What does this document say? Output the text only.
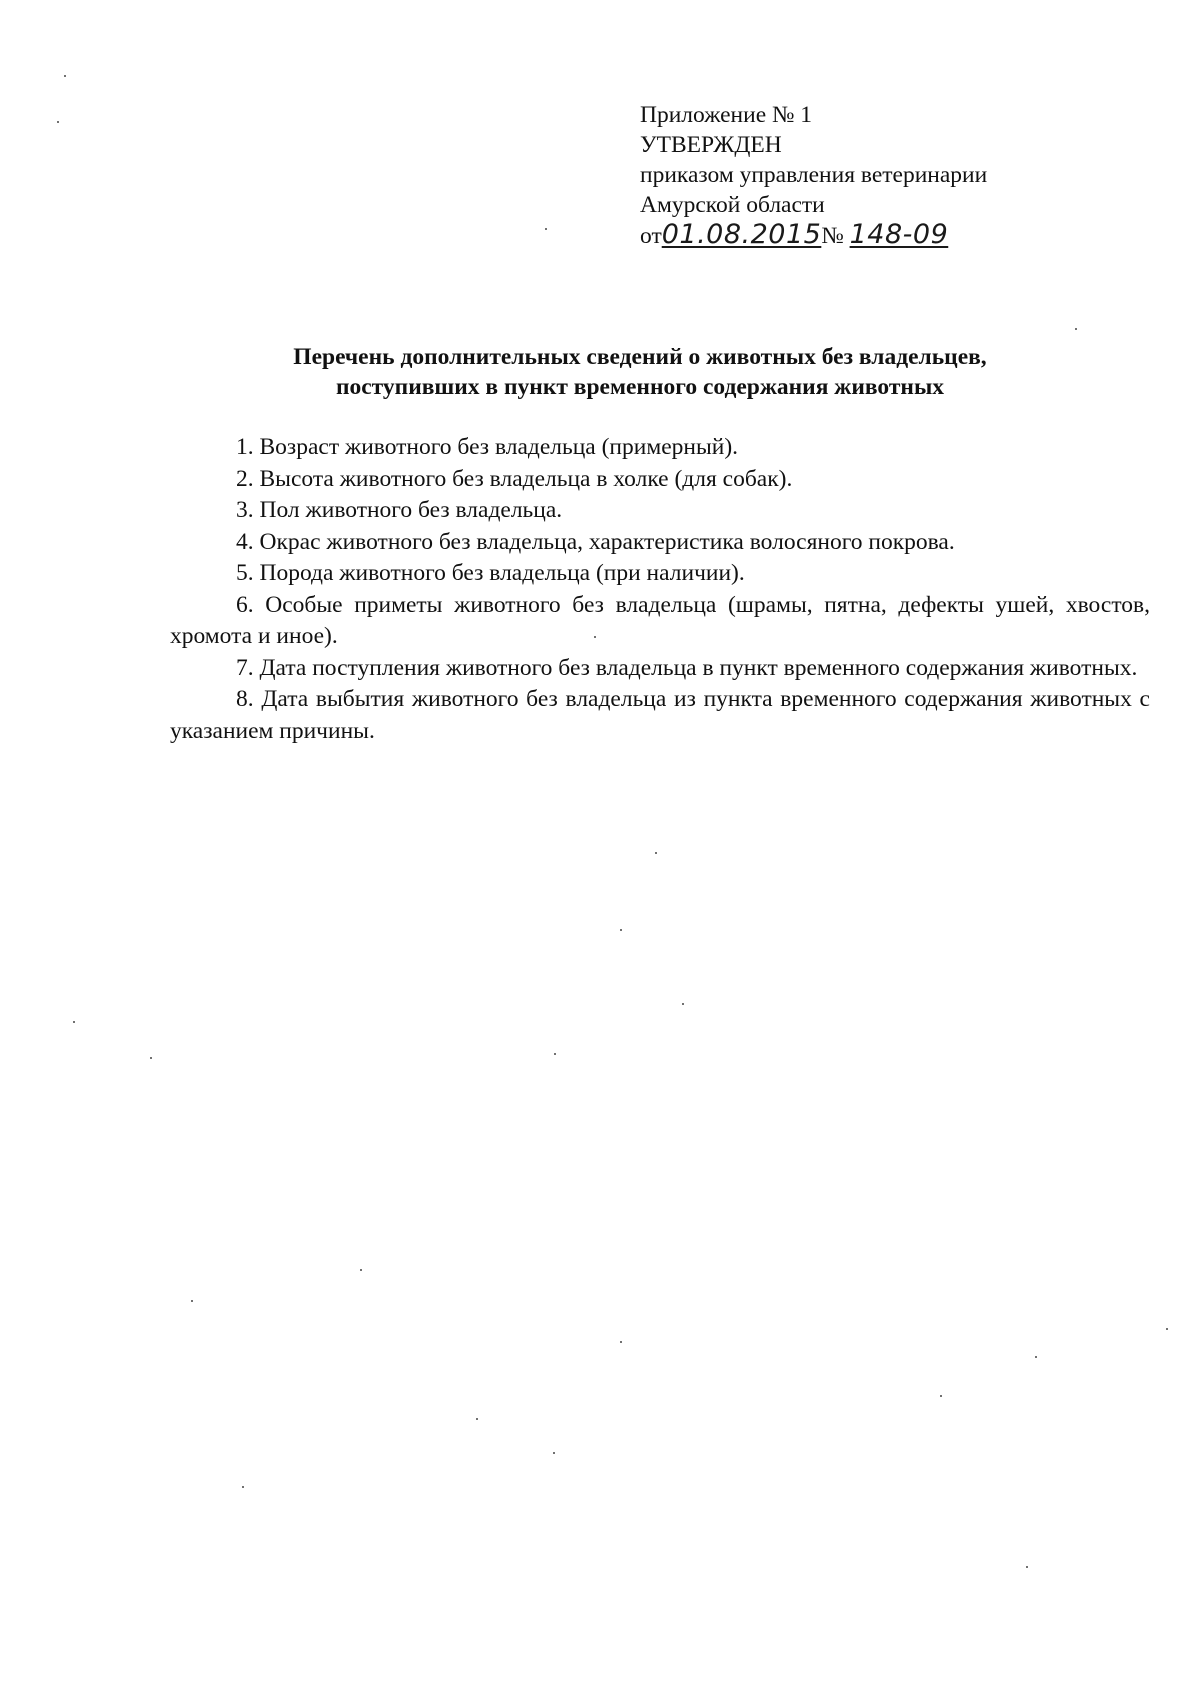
Приложение № 1
УТВЕРЖДЕН
приказом управления ветеринарии
Амурской области
от01.08.2015№ 148-09
Перечень дополнительных сведений о животных без владельцев,
поступивших в пункт временного содержания животных

1. Возраст животного без владельца (примерный).

2. Высота животного без владельца в холке (для собак).

3. Пол животного без владельца.

4. Окрас животного без владельца, характеристика волосяного покрова.

5. Порода животного без владельца (при наличии).

6. Особые приметы животного без владельца (шрамы, пятна, дефекты ушей, хвостов, хромота и иное).

7. Дата поступления животного без владельца в пункт временного содержания животных.

8. Дата выбытия животного без владельца из пункта временного содержания животных с указанием причины.
